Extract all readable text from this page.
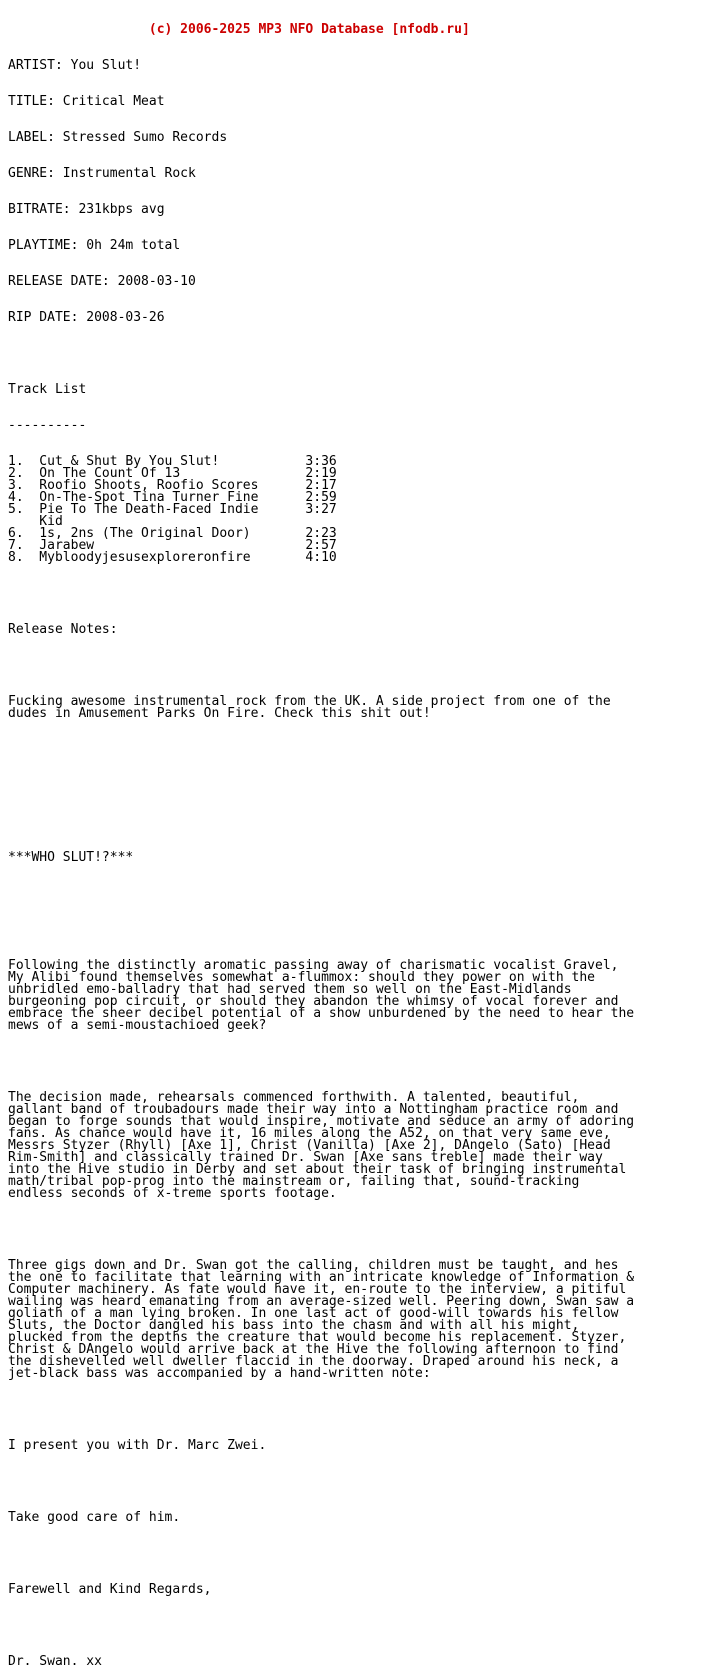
(c) 2006-2025 MP3 NFO Database [nfodb.ru]

ARTIST: You Slut!

TITLE: Critical Meat

LABEL: Stressed Sumo Records

GENRE: Instrumental Rock

BITRATE: 231kbps avg

PLAYTIME: 0h 24m total

RELEASE DATE: 2008-03-10

RIP DATE: 2008-03-26

Track List

----------

1.  Cut & Shut By You Slut!           3:36
2.  On The Count Of 13                2:19
3.  Roofio Shoots, Roofio Scores      2:17
4.  On-The-Spot Tina Turner Fine      2:59
5.  Pie To The Death-Faced Indie      3:27
Kid
6.  1s, 2ns (The Original Door)       2:23
7.  Jarabew                           2:57
8.  Mybloodyjesusexploreronfire       4:10

Release Notes:

Fucking awesome instrumental rock from the UK. A side project from one of the
dudes in Amusement Parks On Fire. Check this shit out!

***WHO SLUT!?***

Following the distinctly aromatic passing away of charismatic vocalist Gravel,
My Alibi found themselves somewhat a-flummox: should they power on with the
unbridled emo-balladry that had served them so well on the East-Midlands
burgeoning pop circuit, or should they abandon the whimsy of vocal forever and
embrace the sheer decibel potential of a show unburdened by the need to hear the
mews of a semi-moustachioed geek?

The decision made, rehearsals commenced forthwith. A talented, beautiful,
gallant band of troubadours made their way into a Nottingham practice room and
began to forge sounds that would inspire, motivate and seduce an army of adoring
fans. As chance would have it, 16 miles along the A52, on that very same eve,
Messrs Styzer (Rhyll) [Axe 1], Christ (Vanilla) [Axe 2], DAngelo (Sato) [Head
Rim-Smith] and classically trained Dr. Swan [Axe sans treble] made their way
into the Hive studio in Derby and set about their task of bringing instrumental
math/tribal pop-prog into the mainstream or, failing that, sound-tracking
endless seconds of x-treme sports footage.

Three gigs down and Dr. Swan got the calling, children must be taught, and hes
the one to facilitate that learning with an intricate knowledge of Information &
Computer machinery. As fate would have it, en-route to the interview, a pitiful
wailing was heard emanating from an average-sized well. Peering down, Swan saw a
goliath of a man lying broken. In one last act of good-will towards his fellow
Sluts, the Doctor dangled his bass into the chasm and with all his might,
plucked from the depths the creature that would become his replacement. Styzer,
Christ & DAngelo would arrive back at the Hive the following afternoon to find
the dishevelled well dweller flaccid in the doorway. Draped around his neck, a
jet-black bass was accompanied by a hand-written note:

I present you with Dr. Marc Zwei.

Take good care of him.

Farewell and Kind Regards,

Dr. Swan. xx
